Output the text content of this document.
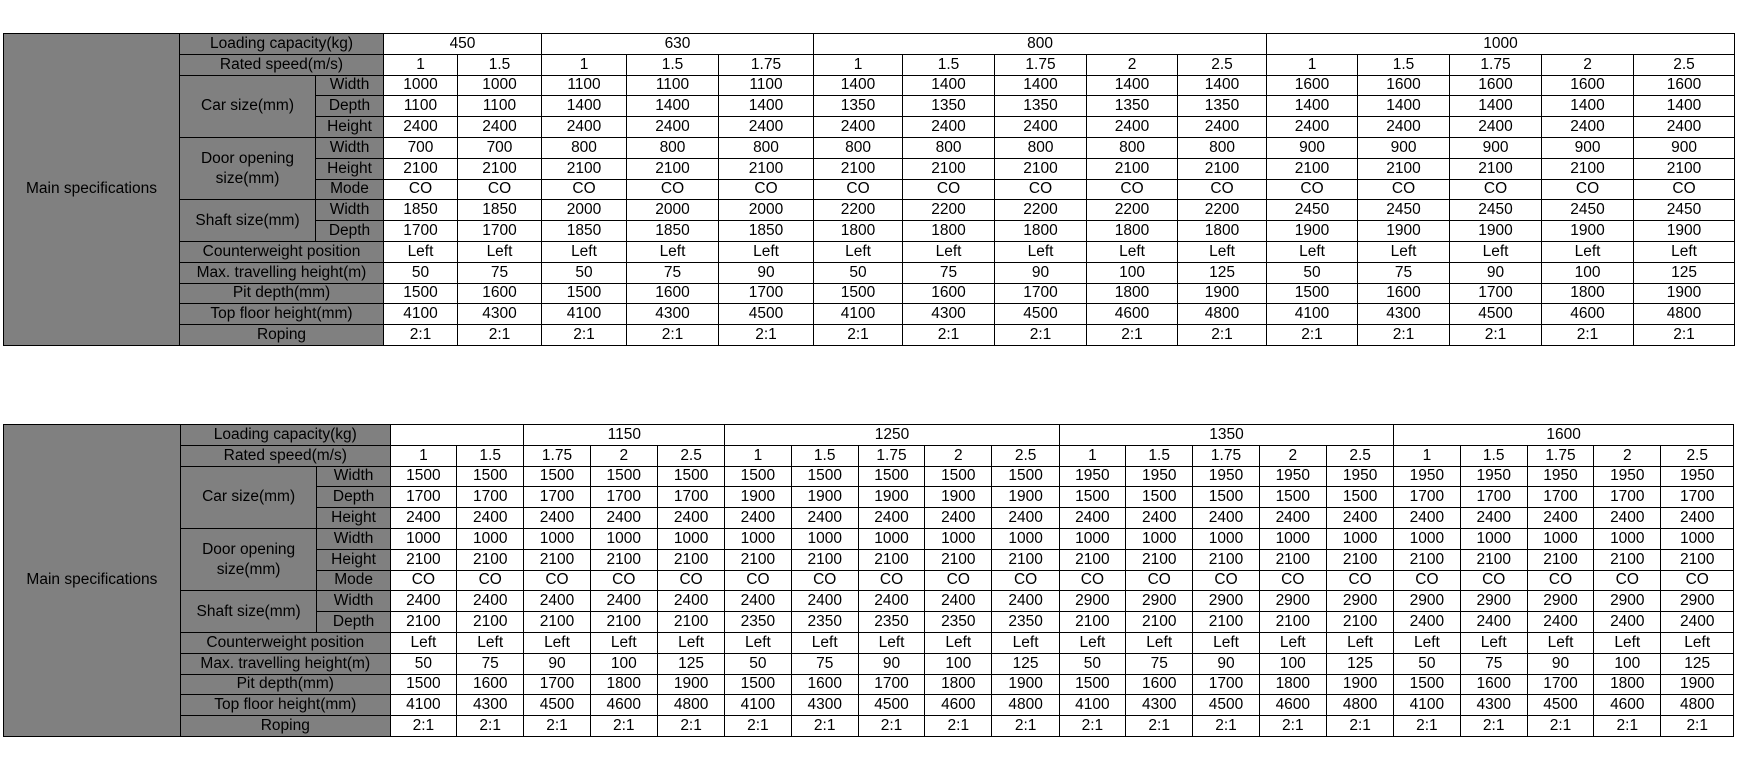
Main specifications	Loading capacity(kg)		450		630			800					1000				
	Rated speed(m/s)		1	1.5	1	1.5	1.75	1	1.5	1.75	2	2.5	1	1.5	1.75	2	2.5
	Car size(mm)	Width	1000	1000	1100	1100	1100	1400	1400	1400	1400	1400	1600	1600	1600	1600	1600
		Depth	1100	1100	1400	1400	1400	1350	1350	1350	1350	1350	1400	1400	1400	1400	1400
		Height	2400	2400	2400	2400	2400	2400	2400	2400	2400	2400	2400	2400	2400	2400	2400
	Door opening size(mm)	Width	700	700	800	800	800	800	800	800	800	800	900	900	900	900	900
		Height	2100	2100	2100	2100	2100	2100	2100	2100	2100	2100	2100	2100	2100	2100	2100
		Mode	CO	CO	CO	CO	CO	CO	CO	CO	CO	CO	CO	CO	CO	CO	CO
	Shaft size(mm)	Width	1850	1850	2000	2000	2000	2200	2200	2200	2200	2200	2450	2450	2450	2450	2450
		Depth	1700	1700	1850	1850	1850	1800	1800	1800	1800	1800	1900	1900	1900	1900	1900
	Counterweight position		Left	Left	Left	Left	Left	Left	Left	Left	Left	Left	Left	Left	Left	Left	Left
	Max. travelling height(m)		50	75	50	75	90	50	75	90	100	125	50	75	90	100	125
	Pit depth(mm)		1500	1600	1500	1600	1700	1500	1600	1700	1800	1900	1500	1600	1700	1800	1900
	Top floor height(mm)		4100	4300	4100	4300	4500	4100	4300	4500	4600	4800	4100	4300	4500	4600	4800
	Roping		2:1	2:1	2:1	2:1	2:1	2:1	2:1	2:1	2:1	2:1	2:1	2:1	2:1	2:1	2:1
Main specifications	Loading capacity(kg)				1150			1250					1350					1600				
	Rated speed(m/s)		1	1.5	1.75	2	2.5	1	1.5	1.75	2	2.5	1	1.5	1.75	2	2.5	1	1.5	1.75	2	2.5
	Car size(mm)	Width	1500	1500	1500	1500	1500	1500	1500	1500	1500	1500	1950	1950	1950	1950	1950	1950	1950	1950	1950	1950
		Depth	1700	1700	1700	1700	1700	1900	1900	1900	1900	1900	1500	1500	1500	1500	1500	1700	1700	1700	1700	1700
		Height	2400	2400	2400	2400	2400	2400	2400	2400	2400	2400	2400	2400	2400	2400	2400	2400	2400	2400	2400	2400
	Door opening size(mm)	Width	1000	1000	1000	1000	1000	1000	1000	1000	1000	1000	1000	1000	1000	1000	1000	1000	1000	1000	1000	1000
		Height	2100	2100	2100	2100	2100	2100	2100	2100	2100	2100	2100	2100	2100	2100	2100	2100	2100	2100	2100	2100
		Mode	CO	CO	CO	CO	CO	CO	CO	CO	CO	CO	CO	CO	CO	CO	CO	CO	CO	CO	CO	CO
	Shaft size(mm)	Width	2400	2400	2400	2400	2400	2400	2400	2400	2400	2400	2900	2900	2900	2900	2900	2900	2900	2900	2900	2900
		Depth	2100	2100	2100	2100	2100	2350	2350	2350	2350	2350	2100	2100	2100	2100	2100	2400	2400	2400	2400	2400
	Counterweight position		Left	Left	Left	Left	Left	Left	Left	Left	Left	Left	Left	Left	Left	Left	Left	Left	Left	Left	Left	Left
	Max. travelling height(m)		50	75	90	100	125	50	75	90	100	125	50	75	90	100	125	50	75	90	100	125
	Pit depth(mm)		1500	1600	1700	1800	1900	1500	1600	1700	1800	1900	1500	1600	1700	1800	1900	1500	1600	1700	1800	1900
	Top floor height(mm)		4100	4300	4500	4600	4800	4100	4300	4500	4600	4800	4100	4300	4500	4600	4800	4100	4300	4500	4600	4800
	Roping		2:1	2:1	2:1	2:1	2:1	2:1	2:1	2:1	2:1	2:1	2:1	2:1	2:1	2:1	2:1	2:1	2:1	2:1	2:1	2:1
